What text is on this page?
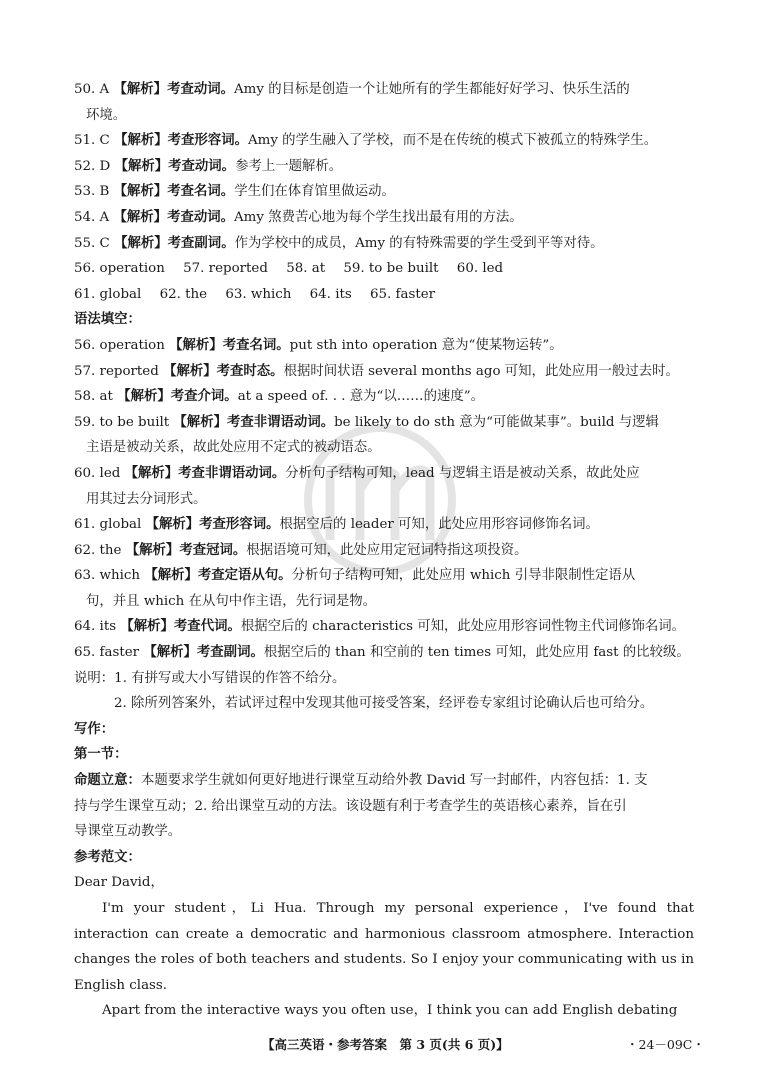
50. A 【解析】考查动词。Amy 的目标是创造一个让她所有的学生都能好好学习、快乐生活的
环境。
51. C 【解析】考查形容词。Amy 的学生融入了学校，而不是在传统的模式下被孤立的特殊学生。
52. D 【解析】考查动词。参考上一题解析。
53. B 【解析】考查名词。学生们在体育馆里做运动。
54. A 【解析】考查动词。Amy 煞费苦心地为每个学生找出最有用的方法。
55. C 【解析】考查副词。作为学校中的成员，Amy 的有特殊需要的学生受到平等对待。
56. operation 57. reported 58. at 59. to be built 60. led
61. global 62. the 63. which 64. its 65. faster
语法填空：
56. operation 【解析】考查名词。put sth into operation 意为“使某物运转”。
57. reported 【解析】考查时态。根据时间状语 several months ago 可知，此处应用一般过去时。
58. at 【解析】考查介词。at a speed of. . . 意为“以……的速度”。
59. to be built 【解析】考查非谓语动词。be likely to do sth 意为“可能做某事”。build 与逻辑
主语是被动关系，故此处应用不定式的被动语态。
60. led 【解析】考查非谓语动词。分析句子结构可知，lead 与逻辑主语是被动关系，故此处应
用其过去分词形式。
61. global 【解析】考查形容词。根据空后的 leader 可知，此处应用形容词修饰名词。
62. the 【解析】考查冠词。根据语境可知，此处应用定冠词特指这项投资。
63. which 【解析】考查定语从句。分析句子结构可知，此处应用 which 引导非限制性定语从
句，并且 which 在从句中作主语，先行词是物。
64. its 【解析】考查代词。根据空后的 characteristics 可知，此处应用形容词性物主代词修饰名词。
65. faster 【解析】考查副词。根据空后的 than 和空前的 ten times 可知，此处应用 fast 的比较级。
说明：1. 有拼写或大小写错误的作答不给分。
2. 除所列答案外，若试评过程中发现其他可接受答案，经评卷专家组讨论确认后也可给分。
写作：
第一节：
命题立意：本题要求学生就如何更好地进行课堂互动给外教 David 写一封邮件，内容包括：1. 支
持与学生课堂互动；2. 给出课堂互动的方法。该设题有利于考查学生的英语核心素养，旨在引
导课堂互动教学。
参考范文：
Dear David，
I'm your student，Li Hua. Through my personal experience，I've found that interaction can create a democratic and harmonious classroom atmosphere. Interaction changes the roles of both teachers and students. So I enjoy your communicating with us in English class.
Apart from the interactive ways you often use，I think you can add English debating
【高三英语・参考答案　第 3 页(共 6 页)】	・24－09C・
